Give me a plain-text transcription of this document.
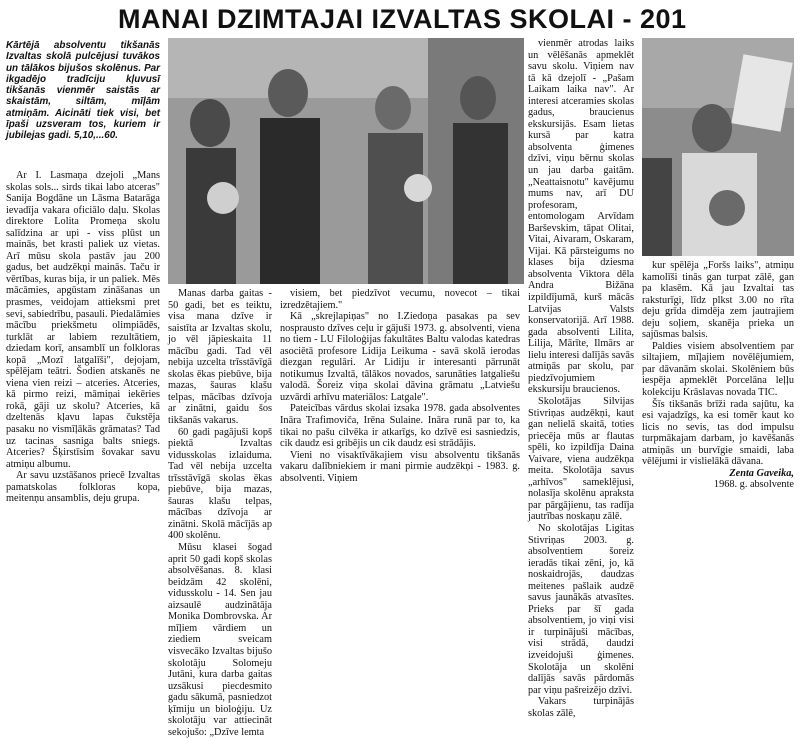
MANAI DZIMTAJAI IZVALTAS SKOLAI - 201
Kārtējā absolventu tikšanās Izvaltas skolā pulcējusi tuvākos un tālākos bijušos skolēnus. Par ikgadējo tradīciju kļuvusī tikšanās vienmēr saistās ar skaistām, siltām, mīļām atmiņām. Aicināti tiek visi, bet īpaši uzsveram tos, kuriem ir jubilejas gadi. 5,10,...60.

Ar I. Lasmaņa dzejoli „Mans skolas sols... sirds tikai labo atceras" Sanija Bogdāne un Lāsma Batarāga ievadīja vakara oficiālo daļu. Skolas direktore Lolita Promeņa skolu salīdzina ar upi - viss plūst un mainās, bet krasti paliek uz vietas. Arī mūsu skola pastāv jau 200 gadus, bet audzēkņi mainās. Taču ir vērtības, kuras bija, ir un paliek. Mēs mācāmies, apgūstam zināšanas un prasmes, veidojam attieksmi pret sevi, sabiedrību, pasauli. Piedalāmies mācību priekšmetu olimpiādēs, turklāt ar labiem rezultātiem, dziedam korī, ansamblī un folkloras kopā „Mozī latgalīši", dejojam, spēlējam teātri. Šodien atskanēs ne viena vien reizi – atceries. Atceries, kā pirmo reizi, māmiņai iekēries rokā, gāji uz skolu? Atceries, kā dzeltenās kļavu lapas čukstēja pasaku no vismīļākās grāmatas? Tad uz tacinas sasniga balts sniegs. Atceries? Šķirstīsim šovakar savu atmiņu albumu.

Ar savu uzstāšanos priecē Izvaltas pamatskolas folkloras kopa, meitenņu ansamblis, deju grupa.

Manas darba gaitas - 50 gadi, bet es teiktu, visa mana dzīve ir saistīta ar Izvaltas skolu, jo vēl jāpieskaita 11 mācību gadi. Tad vēl nebija uzcelta trīsstāvīgā skolas ēkas piebūve, bija mazas, šauras klašu telpas, mācības dzīvoja ar zinātni, gaidu šos tikšanās vakarus.

60 gadi pagājuši kopš piektā Izvaltas vidusskolas izlaiduma. Tad vēl nebija uzcelta trīsstāvīgā skolas ēkas piebūve, bija mazas, šauras klašu telpas, mācības dzīvoja ar zinātni. Skolā mācījās ap 400 skolēnu.

Mūsu klasei šogad aprit 50 gadi kopš skolas absolvēšanas. 8. klasi beidzām 42 skolēni, vidusskolu - 14. Sen jau aizsaulē audzinātāja Monika Dombrovska. Ar mīļiem vārdiem un ziediem sveicam visvecāko Izvaltas bijušo skolotāju Solomeju Jutāni, kura darba gaitas uzsākusi piecdesmito gadu sākumā, pasniedzot ķīmiju un bioloģiju. Uz skolotāju var attiecināt sekojušo: „Dzīve lemta

visiem, bet piedzīvot vecumu, novecot – tikai izredzētajiem."

Kā „skrejlapiņas" no I.Ziedoņa pasakas pa sev nosprausto dzīves ceļu ir gājuši 1973. g. absolventi, viena no tiem - LU Filoloģijas fakultātes Baltu valodas katedras asociētā profesore Lidija Leikuma - savā skolā ierodas diezgan regulāri. Ar Lidiju ir interesanti pārrunāt notikumus Izvaltā, tālākos novados, sarunāties latgaliešu valodā. Šoreiz viņa skolai dāvina grāmatu „Latviešu uzvārdi arhīvu materiālos: Latgale".

Pateicības vārdus skolai izsaka 1978. gada absolventes Ināra Trafimoviča, Irēna Sulaine. Ināra runā par to, ka tikai no pašu cilvēka ir atkarīgs, ko dzīvē esi sasniedzis, cik daudz esi gribējis un cik daudz esi strādājis.

Vieni no visaktīvākajiem visu absolventu tikšanās vakaru dalībniekiem ir mani pirmie audzēkņi - 1983. g. absolventi. Viņiem

vienmēr atrodas laiks un vēlēšanās apmeklēt savu skolu. Viņiem nav tā kā dzejolī - „Pašam Laikam laika nav". Ar interesi atceramies skolas gadus, braucienus ekskursijās. Esam lietas kursā par katra absolventa ģimenes dzīvi, viņu bērnu skolas un jau darba gaitām. „Neattaisnotu" kavējumu mums nav, arī DU profesoram, entomologam Arvīdam Barševskim, tāpat Olitai, Vitai, Aivaram, Oskaram, Vijai. Kā pārsteigums no klases bija dziesma absolventa Viktora dēla Andra Bižāna izpildījumā, kurš mācās Latvijas Valsts konservatorijā. Arī 1988. gada absolventi Lilita, Lilija, Mārīte, Ilmārs ar lielu interesi dalījās savās atmiņās par skolu, par piedzīvojumiem ekskursiju braucienos.

Skolotājas Silvijas Stivriņas audzēkņi, kaut gan nelielā skaitā, toties priecēja mūs ar flautas spēli, ko izpildīja Daina Vaivare, viena audzēkņa meita. Skolotāja savus „arhīvos" sameklējusi, nolasīja skolēnu apraksta par pārgājienu, tas radīja jautrības noskaņu zālē.

No skolotājas Ligitas Stivriņas 2003. g. absolventiem šoreiz ieradās tikai zēni, jo, kā noskaidrojās, daudzas meitenes pašlaik audzē savus jaunākās atvasītes. Prieks par šī gada absolventiem, jo viņi visi ir turpinājuši mācības, visi strādā, daudzi izveidojuši ģimenes. Skolotāja un skolēni dalījās savās pārdomās par viņu pašreizējo dzīvi.

Vakars turpinājās skolas zālē,

kur spēlēja „Foršs laiks", atmiņu kamolīši tinās gan turpat zālē, gan pa klasēm. Kā jau Izvaltai tas raksturīgi, līdz plkst 3.00 no rīta deju grīda dimdēja zem jautrajiem deju soļiem, skanēja prieka un sajūsmas balsis.

Paldies visiem absolventiem par siltajiem, mīļajiem novēlējumiem, par dāvanām skolai. Skolēniem būs iespēja apmeklēt Porcelāna leļļu kolekciju Krāslavas novada TIC.

Šīs tikšanās brīži rada sajūtu, ka esi vajadzīgs, ka esi tomēr kaut ko licis no sevis, tas dod impulsu turpmākajam darbam, jo kavēšanās atmiņās un burvīgie smaidi, laba vēlējumi ir vislielākā dāvana.

Zenta Gaveika,
1968. g. absolvente
